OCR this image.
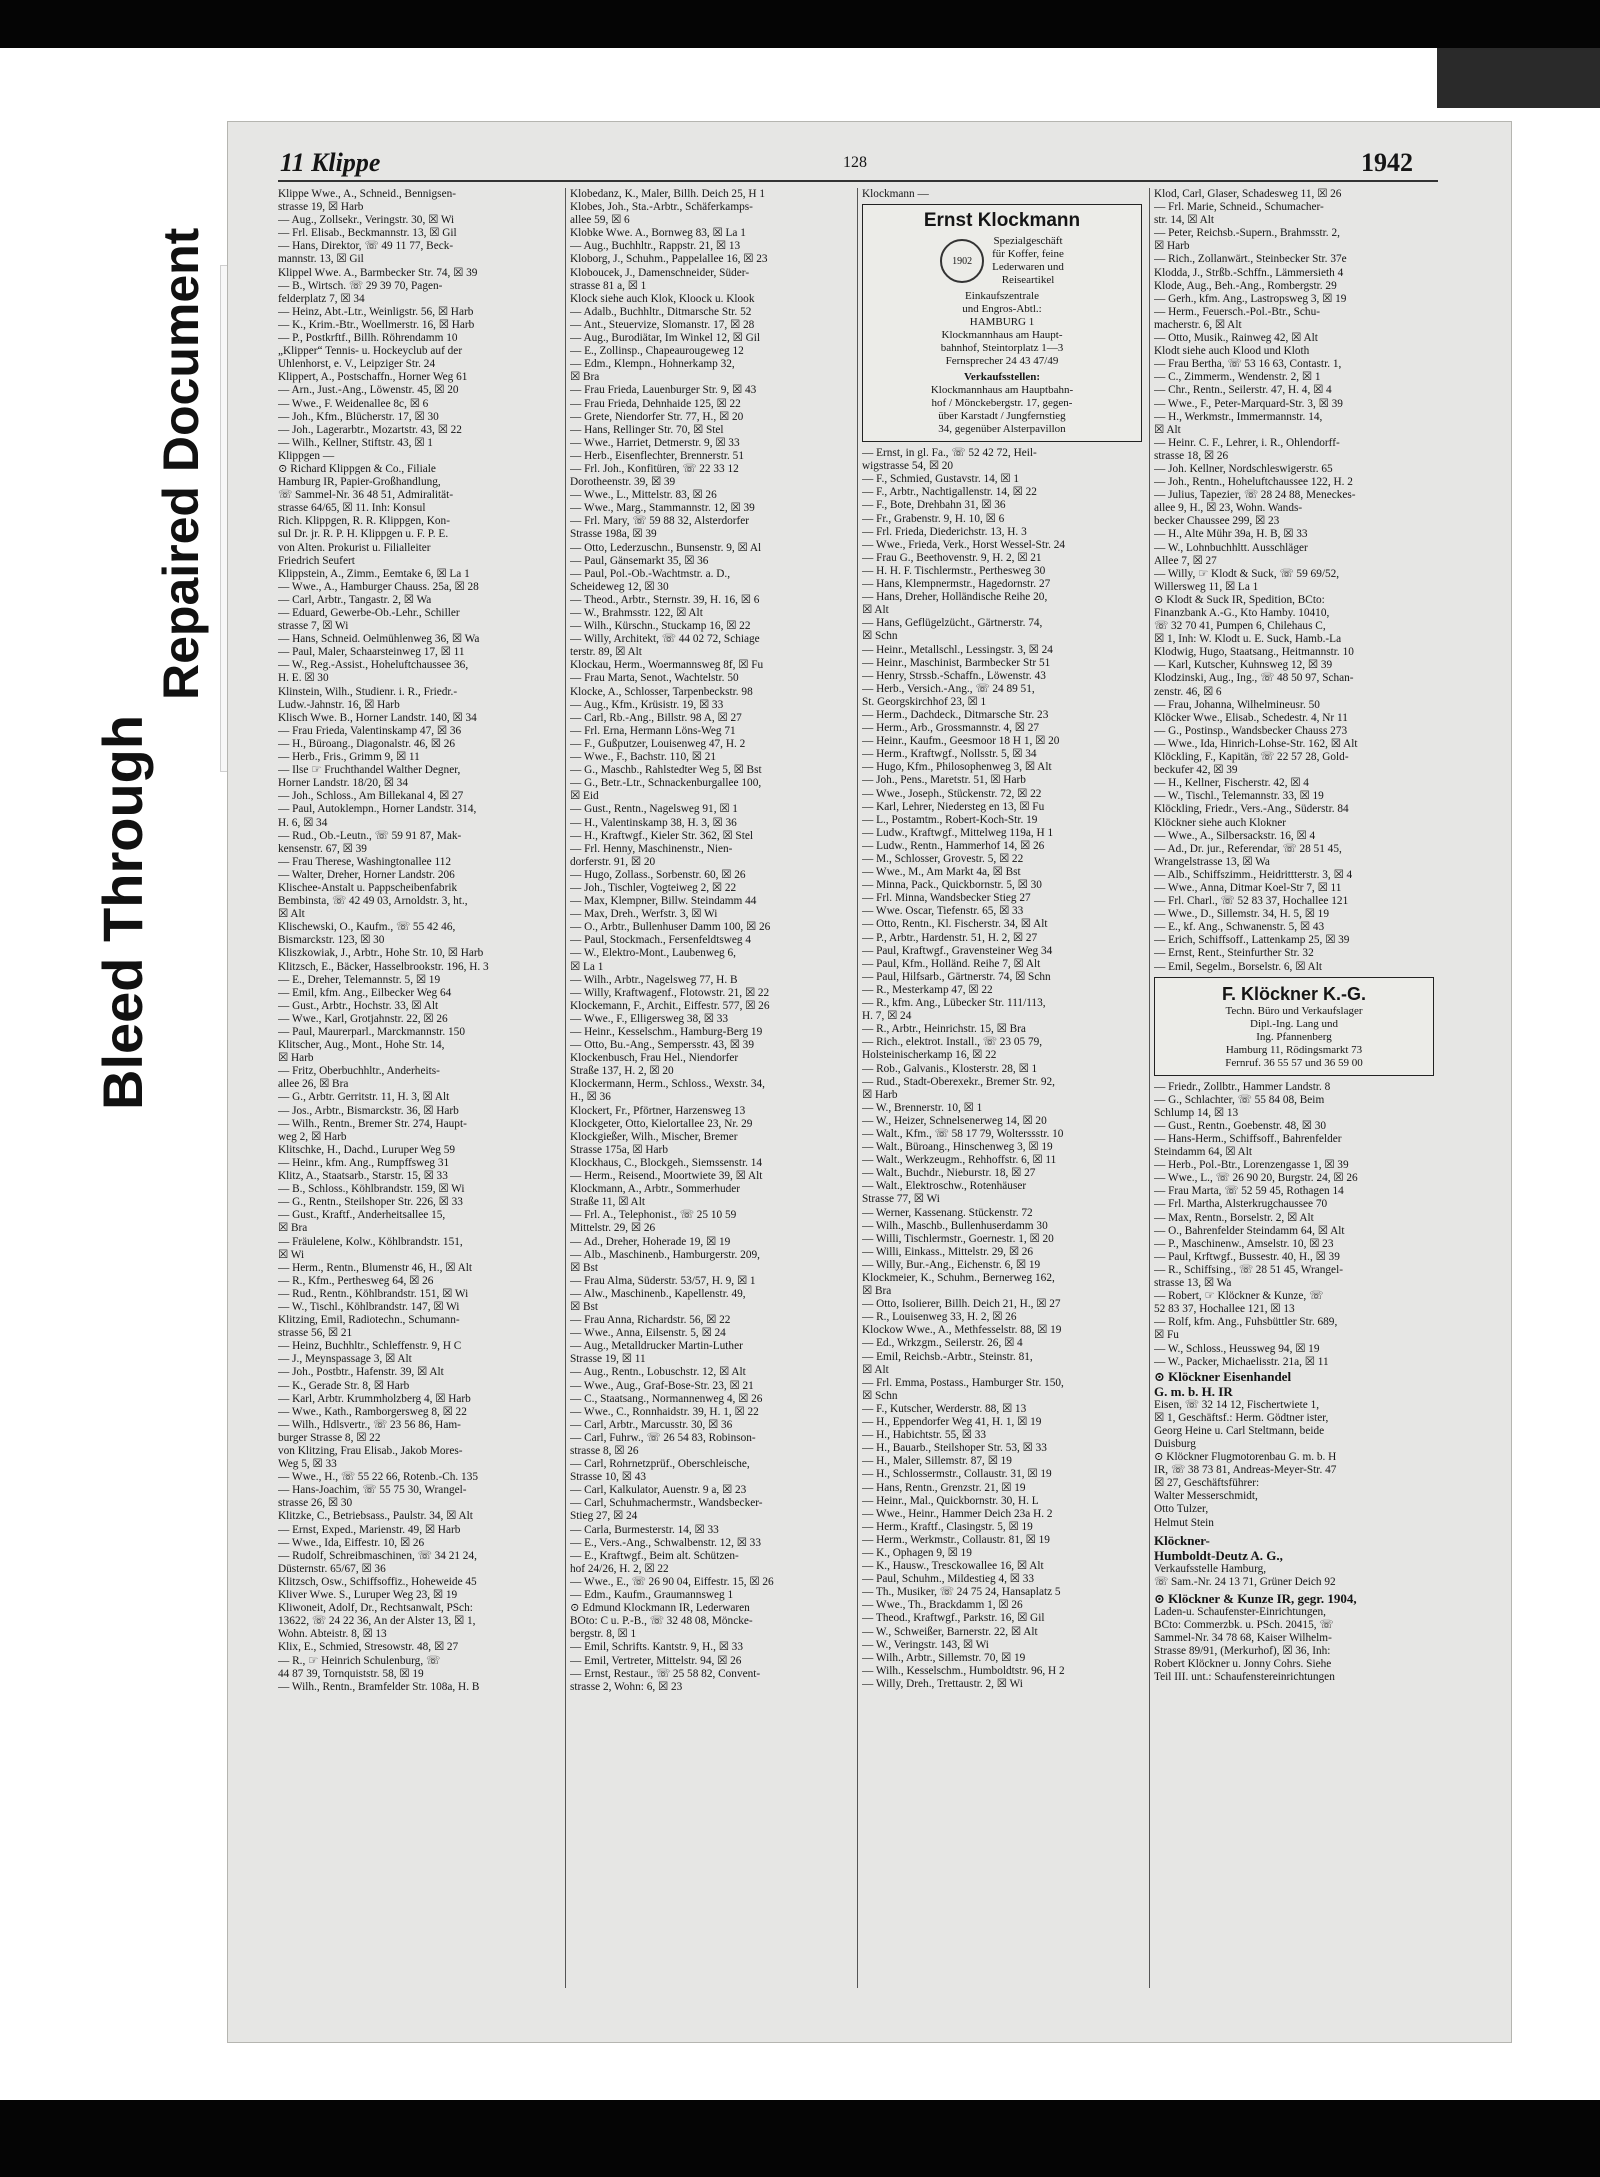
Bleed Through
Repaired Document
11 Klippe	128	1942
Klippe Wwe., A., Schneid., Bennigsen-
strasse 19, ☒ Harb
— Aug., Zollsekr., Veringstr. 30, ☒ Wi
— Frl. Elisab., Beckmannstr. 13, ☒ Gil
— Hans, Direktor, ☏ 49 11 77, Beck-
mannstr. 13, ☒ Gil
Klippel Wwe. A., Barmbecker Str. 74, ☒ 39
— B., Wirtsch. ☏ 29 39 70, Pagen-
felderplatz 7, ☒ 34
— Heinz, Abt.-Ltr., Weinligstr. 56, ☒ Harb
— K., Krim.-Btr., Woellmerstr. 16, ☒ Harb
— P., Postkrftf., Billh. Röhrendamm 10
„Klipper“ Tennis- u. Hockeyclub auf der
Uhlenhorst, e. V., Leipziger Str. 24
Klippert, A., Postschaffn., Horner Weg 61
— Arn., Just.-Ang., Löwenstr. 45, ☒ 20
— Wwe., F. Weidenallee 8c, ☒ 6
— Joh., Kfm., Blücherstr. 17, ☒ 30
— Joh., Lagerarbtr., Mozartstr. 43, ☒ 22
— Wilh., Kellner, Stiftstr. 43, ☒ 1
Klippgen —
⊙ Richard Klippgen & Co., Filiale
Hamburg IR, Papier-Großhandlung,
☏ Sammel-Nr. 36 48 51, Admiralität-
strasse 64/65, ☒ 11. Inh: Konsul
Rich. Klippgen, R. R. Klippgen, Kon-
sul Dr. jr. R. P. H. Klippgen u. F. P. E.
von Alten. Prokurist u. Filialleiter
Friedrich Seufert
Klippstein, A., Zimm., Eemtake 6, ☒ La 1
— Wwe., A., Hamburger Chauss. 25a, ☒ 28
— Carl, Arbtr., Tangastr. 2, ☒ Wa
— Eduard, Gewerbe-Ob.-Lehr., Schiller
strasse 7, ☒ Wi
— Hans, Schneid. Oelmühlenweg 36, ☒ Wa
— Paul, Maler, Schaarsteinweg 17, ☒ 11
— W., Reg.-Assist., Hoheluftchaussee 36,
H. E. ☒ 30
Klinstein, Wilh., Studienr. i. R., Friedr.-
Ludw.-Jahnstr. 16, ☒ Harb
Klisch Wwe. B., Horner Landstr. 140, ☒ 34
— Frau Frieda, Valentinskamp 47, ☒ 36
— H., Büroang., Diagonalstr. 46, ☒ 26
— Herb., Fris., Grimm 9, ☒ 11
— Ilse ☞ Fruchthandel Walther Degner,
Horner Landstr. 18/20, ☒ 34
— Joh., Schloss., Am Billekanal 4, ☒ 27
— Paul, Autoklempn., Horner Landstr. 314,
H. 6, ☒ 34
— Rud., Ob.-Leutn., ☏ 59 91 87, Mak-
kensenstr. 67, ☒ 39
— Frau Therese, Washingtonallee 112
— Walter, Dreher, Horner Landstr. 206
Klischee-Anstalt u. Pappscheibenfabrik
Bembinsta, ☏ 42 49 03, Arnoldstr. 3, ht.,
☒ Alt
Klischewski, O., Kaufm., ☏ 55 42 46,
Bismarckstr. 123, ☒ 30
Kliszkowiak, J., Arbtr., Hohe Str. 10, ☒ Harb
Klitzsch, E., Bäcker, Hasselbrookstr. 196, H. 3
— E., Dreher, Telemannstr. 5, ☒ 19
— Emil, kfm. Ang., Eilbecker Weg 64
— Gust., Arbtr., Hochstr. 33, ☒ Alt
— Wwe., Karl, Grotjahnstr. 22, ☒ 26
— Paul, Maurerparl., Marckmannstr. 150
Klitscher, Aug., Mont., Hohe Str. 14,
☒ Harb
— Fritz, Oberbuchhltr., Anderheits-
allee 26, ☒ Bra
— G., Arbtr. Gerritstr. 11, H. 3, ☒ Alt
— Jos., Arbtr., Bismarckstr. 36, ☒ Harb
— Wilh., Rentn., Bremer Str. 274, Haupt-
weg 2, ☒ Harb
Klitschke, H., Dachd., Luruper Weg 59
— Heinr., kfm. Ang., Rumpffsweg 31
Klitz, A., Staatsarb., Starstr. 15, ☒ 33
— B., Schloss., Köhlbrandstr. 159, ☒ Wi
— G., Rentn., Steilshoper Str. 226, ☒ 33
— Gust., Kraftf., Anderheitsallee 15,
☒ Bra
— Fräulelene, Kolw., Köhlbrandstr. 151,
☒ Wi
— Herm., Rentn., Blumenstr 46, H., ☒ Alt
— R., Kfm., Perthesweg 64, ☒ 26
— Rud., Rentn., Köhlbrandstr. 151, ☒ Wi
— W., Tischl., Köhlbrandstr. 147, ☒ Wi
Klitzing, Emil, Radiotechn., Schumann-
strasse 56, ☒ 21
— Heinz, Buchhltr., Schleffenstr. 9, H C
— J., Meynspassage 3, ☒ Alt
— Joh., Postbtr., Hafenstr. 39, ☒ Alt
— K., Gerade Str. 8, ☒ Harb
— Karl, Arbtr. Krummholzberg 4, ☒ Harb
— Wwe., Kath., Ramborgersweg 8, ☒ 22
— Wilh., Hdlsvertr., ☏ 23 56 86, Ham-
burger Strasse 8, ☒ 22
von Klitzing, Frau Elisab., Jakob Mores-
Weg 5, ☒ 33
— Wwe., H., ☏ 55 22 66, Rotenb.-Ch. 135
— Hans-Joachim, ☏ 55 75 30, Wrangel-
strasse 26, ☒ 30
Klitzke, C., Betriebsass., Paulstr. 34, ☒ Alt
— Ernst, Exped., Marienstr. 49, ☒ Harb
— Wwe., Ida, Eiffestr. 10, ☒ 26
— Rudolf, Schreibmaschinen, ☏ 34 21 24,
Düsternstr. 65/67, ☒ 36
Klitzsch, Osw., Schiffsoffiz., Hoheweide 45
Kliver Wwe. S., Luruper Weg 23, ☒ 19
Kliwoneit, Adolf, Dr., Rechtsanwalt, PSch:
13622, ☏ 24 22 36, An der Alster 13, ☒ 1,
Wohn. Abteistr. 8, ☒ 13
Klix, E., Schmied, Stresowstr. 48, ☒ 27
— R., ☞ Heinrich Schulenburg, ☏
44 87 39, Tornquiststr. 58, ☒ 19
— Wilh., Rentn., Bramfelder Str. 108a, H. B
Klobedanz, K., Maler, Billh. Deich 25, H 1
Klobes, Joh., Sta.-Arbtr., Schäferkamps-
allee 59, ☒ 6
Klobke Wwe. A., Bornweg 83, ☒ La 1
— Aug., Buchhltr., Rappstr. 21, ☒ 13
Kloborg, J., Schuhm., Pappelallee 16, ☒ 23
Kloboucek, J., Damenschneider, Süder-
strasse 81 a, ☒ 1
Klock siehe auch Klok, Kloock u. Klook
— Adalb., Buchhltr., Ditmarsche Str. 52
— Ant., Steuervize, Slomanstr. 17, ☒ 28
— Aug., Burodiätar, Im Winkel 12, ☒ Gil
— E., Zollinsp., Chapeaurougeweg 12
— Edm., Klempn., Hohnerkamp 32,
☒ Bra
— Frau Frieda, Lauenburger Str. 9, ☒ 43
— Frau Frieda, Dehnhaide 125, ☒ 22
— Grete, Niendorfer Str. 77, H., ☒ 20
— Hans, Rellinger Str. 70, ☒ Stel
— Wwe., Harriet, Detmerstr. 9, ☒ 33
— Herb., Eisenflechter, Brennerstr. 51
— Frl. Joh., Konfitüren, ☏ 22 33 12
Dorotheenstr. 39, ☒ 39
— Wwe., L., Mittelstr. 83, ☒ 26
— Wwe., Marg., Stammannstr. 12, ☒ 39
— Frl. Mary, ☏ 59 88 32, Alsterdorfer
Strasse 198a, ☒ 39
— Otto, Lederzuschn., Bunsenstr. 9, ☒ Al
— Paul, Gänsemarkt 35, ☒ 36
— Paul, Pol.-Ob.-Wachtmstr. a. D.,
Scheideweg 12, ☒ 30
— Theod., Arbtr., Sternstr. 39, H. 16, ☒ 6
— W., Brahmsstr. 122, ☒ Alt
— Wilh., Kürschn., Stuckamp 16, ☒ 22
— Willy, Architekt, ☏ 44 02 72, Schiage
terstr. 89, ☒ Alt
Klockau, Herm., Woermannsweg 8f, ☒ Fu
— Frau Marta, Senot., Wachtelstr. 50
Klocke, A., Schlosser, Tarpenbeckstr. 98
— Aug., Kfm., Krüsistr. 19, ☒ 33
— Carl, Rb.-Ang., Billstr. 98 A, ☒ 27
— Frl. Erna, Hermann Löns-Weg 71
— F., Gußputzer, Louisenweg 47, H. 2
— Wwe., F., Bachstr. 110, ☒ 21
— G., Maschb., Rahlstedter Weg 5, ☒ Bst
— G., Betr.-Ltr., Schnackenburgallee 100,
☒ Eid
— Gust., Rentn., Nagelsweg 91, ☒ 1
— H., Valentinskamp 38, H. 3, ☒ 36
— H., Kraftwgf., Kieler Str. 362, ☒ Stel
— Frl. Henny, Maschinenstr., Nien-
dorferstr. 91, ☒ 20
— Hugo, Zollass., Sorbenstr. 60, ☒ 26
— Joh., Tischler, Vogteiweg 2, ☒ 22
— Max, Klempner, Billw. Steindamm 44
— Max, Dreh., Werfstr. 3, ☒ Wi
— O., Arbtr., Bullenhuser Damm 100, ☒ 26
— Paul, Stockmach., Fersenfeldtsweg 4
— W., Elektro-Mont., Laubenweg 6,
☒ La 1
— Wilh., Arbtr., Nagelsweg 77, H. B
— Willy, Kraftwagenf., Flotowstr. 21, ☒ 22
Klockemann, F., Archit., Eiffestr. 577, ☒ 26
— Wwe., F., Elligersweg 38, ☒ 33
— Heinr., Kesselschm., Hamburg-Berg 19
— Otto, Bu.-Ang., Sempersstr. 43, ☒ 39
Klockenbusch, Frau Hel., Niendorfer
Straße 137, H. 2, ☒ 20
Klockermann, Herm., Schloss., Wexstr. 34,
H., ☒ 36
Klockert, Fr., Pförtner, Harzensweg 13
Klockgeter, Otto, Kielortallee 23, Nr. 29
Klockgießer, Wilh., Mischer, Bremer
Strasse 175a, ☒ Harb
Klockhaus, C., Blockgeh., Siemssenstr. 14
— Herm., Reisend., Moortwiete 39, ☒ Alt
Klockmann, A., Arbtr., Sommerhuder
Straße 11, ☒ Alt
— Frl. A., Telephonist., ☏ 25 10 59
Mittelstr. 29, ☒ 26
— Ad., Dreher, Hoherade 19, ☒ 19
— Alb., Maschinenb., Hamburgerstr. 209,
☒ Bst
— Frau Alma, Süderstr. 53/57, H. 9, ☒ 1
— Alw., Maschinenb., Kapellenstr. 49,
☒ Bst
— Frau Anna, Richardstr. 56, ☒ 22
— Wwe., Anna, Eilsenstr. 5, ☒ 24
— Aug., Metalldrucker Martin-Luther
Strasse 19, ☒ 11
— Aug., Rentn., Lobuschstr. 12, ☒ Alt
— Wwe., Aug., Graf-Bose-Str. 23, ☒ 21
— C., Staatsang., Normannenweg 4, ☒ 26
— Wwe., C., Ronnhaidstr. 39, H. 1, ☒ 22
— Carl, Arbtr., Marcusstr. 30, ☒ 36
— Carl, Fuhrw., ☏ 26 54 83, Robinson-
strasse 8, ☒ 26
— Carl, Rohrnetzprüf., Oberschleische,
Strasse 10, ☒ 43
— Carl, Kalkulator, Auenstr. 9 a, ☒ 23
— Carl, Schuhmachermstr., Wandsbecker-
Stieg 27, ☒ 24
— Carla, Burmesterstr. 14, ☒ 33
— E., Vers.-Ang., Schwalbenstr. 12, ☒ 33
— E., Kraftwgf., Beim alt. Schützen-
hof 24/26, H. 2, ☒ 22
— Wwe., E., ☏ 26 90 04, Eiffestr. 15, ☒ 26
— Edm., Kaufm., Graumannsweg 1
⊙ Edmund Klockmann IR, Lederwaren
BOto: C u. P.-B., ☏ 32 48 08, Möncke-
bergstr. 8, ☒ 1
— Emil, Schrifts. Kantstr. 9, H., ☒ 33
— Emil, Vertreter, Mittelstr. 94, ☒ 26
— Ernst, Restaur., ☏ 25 58 82, Convent-
strasse 2, Wohn: 6, ☒ 23
Klockmann —
Ernst Klockmann
1902
Spezialgeschäft
für Koffer, feine
Lederwaren und
Reiseartikel
Einkaufszentrale
und Engros-Abtl.:
HAMBURG 1
Klockmannhaus am Haupt-
bahnhof, Steintorplatz 1—3
Fernsprecher 24 43 47/49
Verkaufsstellen:
Klockmannhaus am Hauptbahn-
hof / Mönckebergstr. 17, gegen-
über Karstadt / Jungfernstieg
34, gegenüber Alsterpavillon
— Ernst, in gl. Fa., ☏ 52 42 72, Heil-
wigstrasse 54, ☒ 20
— F., Schmied, Gustavstr. 14, ☒ 1
— F., Arbtr., Nachtigallenstr. 14, ☒ 22
— F., Bote, Drehbahn 31, ☒ 36
— Fr., Grabenstr. 9, H. 10, ☒ 6
— Frl. Frieda, Diederichstr. 13, H. 3
— Wwe., Frieda, Verk., Horst Wessel-Str. 24
— Frau G., Beethovenstr. 9, H. 2, ☒ 21
— H. H. F. Tischlermstr., Perthesweg 30
— Hans, Klempnermstr., Hagedornstr. 27
— Hans, Dreher, Holländische Reihe 20,
☒ Alt
— Hans, Geflügelzücht., Gärtnerstr. 74,
☒ Schn
— Heinr., Metallschl., Lessingstr. 3, ☒ 24
— Heinr., Maschinist, Barmbecker Str 51
— Henry, Strssb.-Schaffn., Löwenstr. 43
— Herb., Versich.-Ang., ☏ 24 89 51,
St. Georgskirchhof 23, ☒ 1
— Herm., Dachdeck., Ditmarsche Str. 23
— Herm., Arb., Grossmannstr. 4, ☒ 27
— Heinr., Kaufm., Geesmoor 18 H 1, ☒ 20
— Herm., Kraftwgf., Nollsstr. 5, ☒ 34
— Hugo, Kfm., Philosophenweg 3, ☒ Alt
— Joh., Pens., Maretstr. 51, ☒ Harb
— Wwe., Joseph., Stückenstr. 72, ☒ 22
— Karl, Lehrer, Niedersteg en 13, ☒ Fu
— L., Postamtm., Robert-Koch-Str. 19
— Ludw., Kraftwgf., Mittelweg 119a, H 1
— Ludw., Rentn., Hammerhof 14, ☒ 26
— M., Schlosser, Grovestr. 5, ☒ 22
— Wwe., M., Am Markt 4a, ☒ Bst
— Minna, Pack., Quickbornstr. 5, ☒ 30
— Frl. Minna, Wandsbecker Stieg 27
— Wwe. Oscar, Tiefenstr. 65, ☒ 33
— Otto, Rentn., Kl. Fischerstr. 34, ☒ Alt
— P., Arbtr., Hardenstr. 51, H. 2, ☒ 27
— Paul, Kraftwgf., Gravensteiner Weg 34
— Paul, Kfm., Holländ. Reihe 7, ☒ Alt
— Paul, Hilfsarb., Gärtnerstr. 74, ☒ Schn
— R., Mesterkamp 47, ☒ 22
— R., kfm. Ang., Lübecker Str. 111/113,
H. 7, ☒ 24
— R., Arbtr., Heinrichstr. 15, ☒ Bra
— Rich., elektrot. Install., ☏ 23 05 79,
Holsteinischerkamp 16, ☒ 22
— Rob., Galvanis., Klosterstr. 28, ☒ 1
— Rud., Stadt-Oberexekr., Bremer Str. 92,
☒ Harb
— W., Brennerstr. 10, ☒ 1
— W., Heizer, Schnelsenerweg 14, ☒ 20
— Walt., Kfm., ☏ 58 17 79, Wolterssstr. 10
— Walt., Büroang., Hinschenweg 3, ☒ 19
— Walt., Werkzeugm., Rehhoffstr. 6, ☒ 11
— Walt., Buchdr., Nieburstr. 18, ☒ 27
— Walt., Elektroschw., Rotenhäuser
Strasse 77, ☒ Wi
— Werner, Kassenang. Stückenstr. 72
— Wilh., Maschb., Bullenhuserdamm 30
— Willi, Tischlermstr., Goernestr. 1, ☒ 20
— Willi, Einkass., Mittelstr. 29, ☒ 26
— Willy, Bur.-Ang., Eichenstr. 6, ☒ 19
Klockmeier, K., Schuhm., Bernerweg 162,
☒ Bra
— Otto, Isolierer, Billh. Deich 21, H., ☒ 27
— R., Louisenweg 33, H. 2, ☒ 26
Klockow Wwe., A., Methfesselstr. 88, ☒ 19
— Ed., Wrkzgm., Seilerstr. 26, ☒ 4
— Emil, Reichsb.-Arbtr., Steinstr. 81,
☒ Alt
— Frl. Emma, Postass., Hamburger Str. 150,
☒ Schn
— F., Kutscher, Werderstr. 88, ☒ 13
— H., Eppendorfer Weg 41, H. 1, ☒ 19
— H., Habichtstr. 55, ☒ 33
— H., Bauarb., Steilshoper Str. 53, ☒ 33
— H., Maler, Sillemstr. 87, ☒ 19
— H., Schlossermstr., Collaustr. 31, ☒ 19
— Hans, Rentn., Grenzstr. 21, ☒ 19
— Heinr., Mal., Quickbornstr. 30, H. L
— Wwe., Heinr., Hammer Deich 23a H. 2
— Herm., Kraftf., Clasingstr. 5, ☒ 19
— Herm., Werkmstr., Collaustr. 81, ☒ 19
— K., Ophagen 9, ☒ 19
— K., Hausw., Tresckowallee 16, ☒ Alt
— Paul, Schuhm., Mildestieg 4, ☒ 33
— Th., Musiker, ☏ 24 75 24, Hansaplatz 5
— Wwe., Th., Brackdamm 1, ☒ 26
— Theod., Kraftwgf., Parkstr. 16, ☒ Gil
— W., Schweißer, Barnerstr. 22, ☒ Alt
— W., Veringstr. 143, ☒ Wi
— Wilh., Arbtr., Sillemstr. 70, ☒ 19
— Wilh., Kesselschm., Humboldtstr. 96, H 2
— Willy, Dreh., Trettaustr. 2, ☒ Wi
Klod, Carl, Glaser, Schadesweg 11, ☒ 26
— Frl. Marie, Schneid., Schumacher-
str. 14, ☒ Alt
— Peter, Reichsb.-Supern., Brahmsstr. 2,
☒ Harb
— Rich., Zollanwärt., Steinbecker Str. 37e
Klodda, J., Strßb.-Schffn., Lämmersieth 4
Klode, Aug., Beh.-Ang., Rombergstr. 29
— Gerh., kfm. Ang., Lastropsweg 3, ☒ 19
— Herm., Feuersch.-Pol.-Btr., Schu-
macherstr. 6, ☒ Alt
— Otto, Musik., Rainweg 42, ☒ Alt
Klodt siehe auch Klood und Kloth
— Frau Bertha, ☏ 53 16 63, Contastr. 1,
— C., Zimmerm., Wendenstr. 2, ☒ 1
— Chr., Rentn., Seilerstr. 47, H. 4, ☒ 4
— Wwe., F., Peter-Marquard-Str. 3, ☒ 39
— H., Werkmstr., Immermannstr. 14,
☒ Alt
— Heinr. C. F., Lehrer, i. R., Ohlendorff-
strasse 18, ☒ 26
— Joh. Kellner, Nordschleswigerstr. 65
— Joh., Rentn., Hoheluftchaussee 122, H. 2
— Julius, Tapezier, ☏ 28 24 88, Meneckes-
allee 9, H., ☒ 23, Wohn. Wands-
becker Chaussee 299, ☒ 23
— H., Alte Mühr 39a, H. B, ☒ 33
— W., Lohnbuchhltt. Ausschläger
Allee 7, ☒ 27
— Willy, ☞ Klodt & Suck, ☏ 59 69/52,
Willersweg 11, ☒ La 1
⊙ Klodt & Suck IR, Spedition, BCto:
Finanzbank A.-G., Kto Hamby. 10410,
☏ 32 70 41, Pumpen 6, Chilehaus C,
☒ 1, Inh: W. Klodt u. E. Suck, Hamb.-La
Klodwig, Hugo, Staatsang., Heitmannstr. 10
— Karl, Kutscher, Kuhnsweg 12, ☒ 39
Klodzinski, Aug., Ing., ☏ 48 50 97, Schan-
zenstr. 46, ☒ 6
— Frau, Johanna, Wilhelmineusr. 50
Klöcker Wwe., Elisab., Schedestr. 4, Nr 11
— G., Postinsp., Wandsbecker Chauss 273
— Wwe., Ida, Hinrich-Lohse-Str. 162, ☒ Alt
Klöckling, F., Kapitän, ☏ 22 57 28, Gold-
beckufer 42, ☒ 39
— H., Kellner, Fischerstr. 42, ☒ 4
— W., Tischl., Telemannstr. 33, ☒ 19
Klöckling, Friedr., Vers.-Ang., Süderstr. 84
Klöckner siehe auch Klokner
— Wwe., A., Silbersackstr. 16, ☒ 4
— Ad., Dr. jur., Referendar, ☏ 28 51 45,
Wrangelstrasse 13, ☒ Wa
— Alb., Schiffszimm., Heidrittterstr. 3, ☒ 4
— Wwe., Anna, Ditmar Koel-Str 7, ☒ 11
— Frl. Charl., ☏ 52 83 37, Hochallee 121
— Wwe., D., Sillemstr. 34, H. 5, ☒ 19
— E., kf. Ang., Schwanenstr. 5, ☒ 43
— Erich, Schiffsoff., Lattenkamp 25, ☒ 39
— Ernst, Rent., Steinfurther Str. 32
— Emil, Segelm., Borselstr. 6, ☒ Alt
F. Klöckner K.-G.
Techn. Büro und Verkaufslager
Dipl.-Ing. Lang und
Ing. Pfannenberg
Hamburg 11, Rödingsmarkt 73
Fernruf. 36 55 57 und 36 59 00
— Friedr., Zollbtr., Hammer Landstr. 8
— G., Schlachter, ☏ 55 84 08, Beim
Schlump 14, ☒ 13
— Gust., Rentn., Goebenstr. 48, ☒ 30
— Hans-Herm., Schiffsoff., Bahrenfelder
Steindamm 64, ☒ Alt
— Herb., Pol.-Btr., Lorenzengasse 1, ☒ 39
— Wwe., L., ☏ 26 90 20, Burgstr. 24, ☒ 26
— Frau Marta, ☏ 52 59 45, Rothagen 14
— Frl. Martha, Alsterkrugchaussee 70
— Max, Rentn., Borselstr. 2, ☒ Alt
— O., Bahrenfelder Steindamm 64, ☒ Alt
— P., Maschinenw., Amselstr. 10, ☒ 23
— Paul, Krftwgf., Bussestr. 40, H., ☒ 39
— R., Schiffsing., ☏ 28 51 45, Wrangel-
strasse 13, ☒ Wa
— Robert, ☞ Klöckner & Kunze, ☏
52 83 37, Hochallee 121, ☒ 13
— Rolf, kfm. Ang., Fuhsbüttler Str. 689,
☒ Fu
— W., Schloss., Heussweg 94, ☒ 19
— W., Packer, Michaelisstr. 21a, ☒ 11
⊙ Klöckner Eisenhandel
G. m. b. H. IR
Eisen, ☏ 32 14 12, Fischertwiete 1,
☒ 1, Geschäftsf.: Herm. Gödtner ister,
Georg Heine u. Carl Steltmann, beide
Duisburg
⊙ Klöckner Flugmotorenbau G. m. b. H
IR, ☏ 38 73 81, Andreas-Meyer-Str. 47
☒ 27, Geschäftsführer:
Walter Messerschmidt,
Otto Tulzer,
Helmut Stein
Klöckner-
Humboldt-Deutz A. G.,
Verkaufsstelle Hamburg,
☏ Sam.-Nr. 24 13 71, Grüner Deich 92
⊙ Klöckner & Kunze IR, gegr. 1904,
Laden-u. Schaufenster-Einrichtungen,
BCto: Commerzbk. u. PSch. 20415, ☏
Sammel-Nr. 34 78 68, Kaiser Wilhelm-
Strasse 89/91, (Merkurhof), ☒ 36, Inh:
Robert Klöckner u. Jonny Cohrs. Siehe
Teil III. unt.: Schaufenstereinrichtungen
